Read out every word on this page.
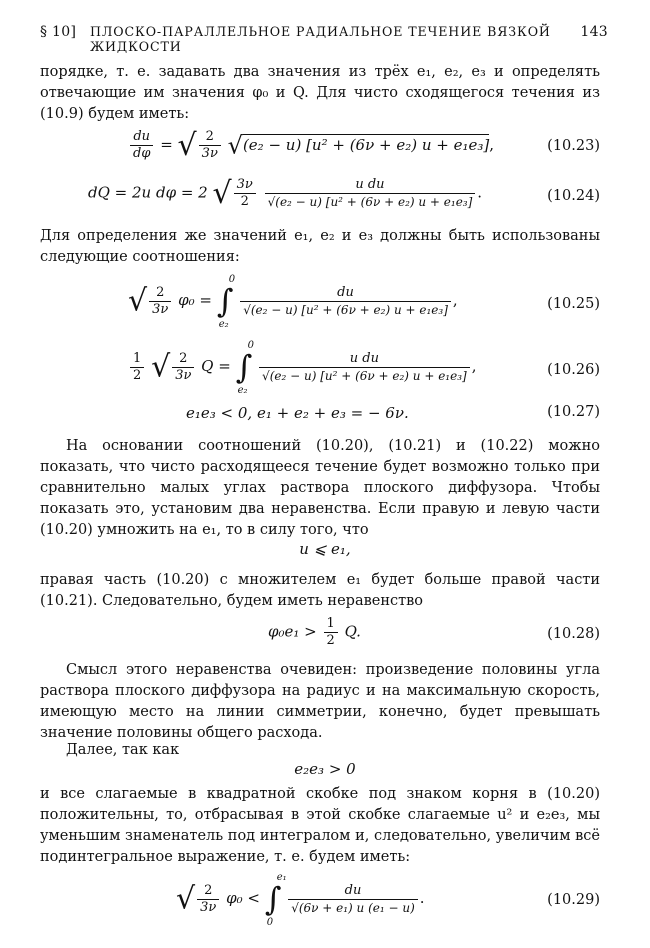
§ 10] ПЛОСКО-ПАРАЛЛЕЛЬНОЕ РАДИАЛЬНОЕ ТЕЧЕНИЕ ВЯЗКОЙ ЖИДКОСТИ
143

порядке, т. е. задавать два значения из трёх e₁, e₂, e₃ и определять отвечающие им значения φ₀ и Q. Для чисто сходящегося течения из (10.9) будем иметь:

$\frac{du}{d\varphi}$ = √ $\frac{2}{3\nu} √(e_2 - u) [u^2 + (6\nu + e_2) u + e_1e_3]$,	(10.23)
dQ = 2u dφ = 2 √ $\frac{3\nu}{2}$
$\frac{\text{u du}}{\text{√(e₂ − u) [u² + (6ν + e₂) u + e₁e₃]}}$ .	(10.24)

Для определения же значений e₁, e₂ и e₃ должны быть использованы следующие соотношения:

√ $\frac{2}{3\nu} \varphi_0$ = ∫
0
e₂

$\frac{du}{\text{√(e₂ − u) [u² + (6ν + e₂) u + e₁e₃]}}$ ,	(10.25)
$\frac{1}{2}$ √ $\frac{2}{3\nu}$ Q = ∫
0
e₂

$\frac{\text{u du}}{\text{√(e₂ − u) [u² + (6ν + e₂) u + e₁e₃]}}$ ,	(10.26)
e₁e₃ < 0, e₁ + e₂ + e₃ = − 6ν.	(10.27)

На основании соотношений (10.20), (10.21) и (10.22) можно показать, что чисто расходящееся течение будет возможно только при сравнительно малых углах раствора плоского диффузора. Чтобы показать это, установим два неравенства. Если правую и левую части (10.20) умножить на e₁, то в силу того, что

u ⩽ e₁,

правая часть (10.20) с множителем e₁ будет больше правой части (10.21). Следовательно, будем иметь неравенство

$\varphi_0e_1 > \frac{1}{2} Q$.	(10.28)

Смысл этого неравенства очевиден: произведение половины угла раствора плоского диффузора на радиус и на максимальную скорость, имеющую место на линии симметрии, конечно, будет превышать значение половины общего расхода.

Далее, так как

e₂e₃ > 0

и все слагаемые в квадратной скобке под знаком корня в (10.20) положительны, то, отбрасывая в этой скобке слагаемые u² и e₂e₃, мы уменьшим знаменатель под интегралом и, следовательно, увеличим всё подинтегральное выражение, т. е. будем иметь:

√ $\frac{2}{3\nu} \varphi_0$ < ∫
e₁
0

$\frac{du}{\text{√(6ν + e₁) u (e₁ − u)}}$ .	(10.29)
